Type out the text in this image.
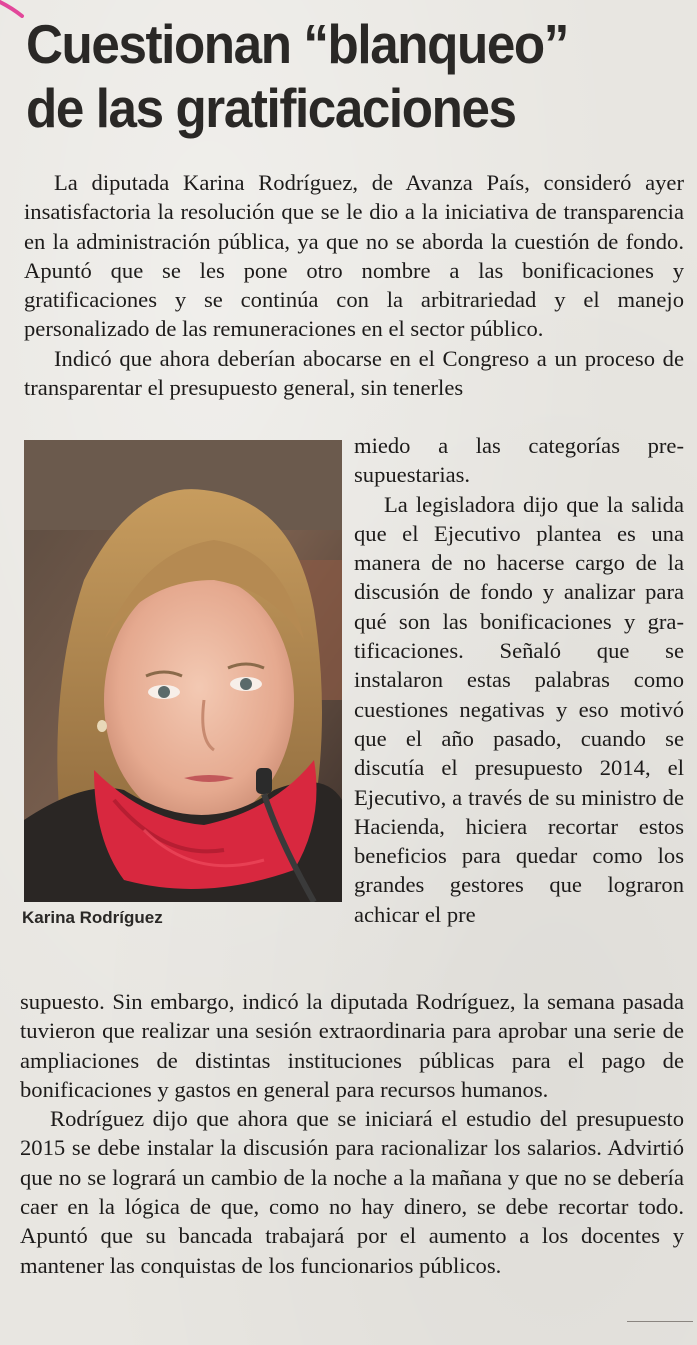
Cuestionan “blanqueo”
de las gratificaciones

La diputada Karina Rodríguez, de Avanza País, consideró ayer insatisfactoria la resolución que se le dio a la iniciativa de transparencia en la administración pública, ya que no se aborda la cuestión de fondo. Apuntó que se les pone otro nombre a las bonificaciones y gratificaciones y se continúa con la arbitrariedad y el manejo personalizado de las remuneraciones en el sector público.

Indicó que ahora deberían abocarse en el Congreso a un proceso de transparentar el presupuesto general, sin tenerles

Karina Rodríguez

miedo a las categorías presupuestarias.

La legisladora dijo que la salida que el Ejecutivo plantea es una manera de no hacerse cargo de la discusión de fondo y analizar para qué son las bonificaciones y gratificaciones. Señaló que se instalaron estas palabras como cuestiones negativas y eso motivó que el año pasado, cuando se discutía el presupuesto 2014, el Ejecutivo, a través de su ministro de Hacienda, hiciera recortar estos beneficios para quedar como los grandes gestores que lograron achicar el pre

supuesto. Sin embargo, indicó la diputada Rodríguez, la semana pasada tuvieron que realizar una sesión extraordinaria para aprobar una serie de ampliaciones de distintas instituciones públicas para el pago de bonificaciones y gastos en general para recursos humanos.

Rodríguez dijo que ahora que se iniciará el estudio del presupuesto 2015 se debe instalar la discusión para racionalizar los salarios. Advirtió que no se logrará un cambio de la noche a la mañana y que no se debería caer en la lógica de que, como no hay dinero, se debe recortar todo. Apuntó que su bancada trabajará por el aumento a los docentes y mantener las conquistas de los funcionarios públicos.
